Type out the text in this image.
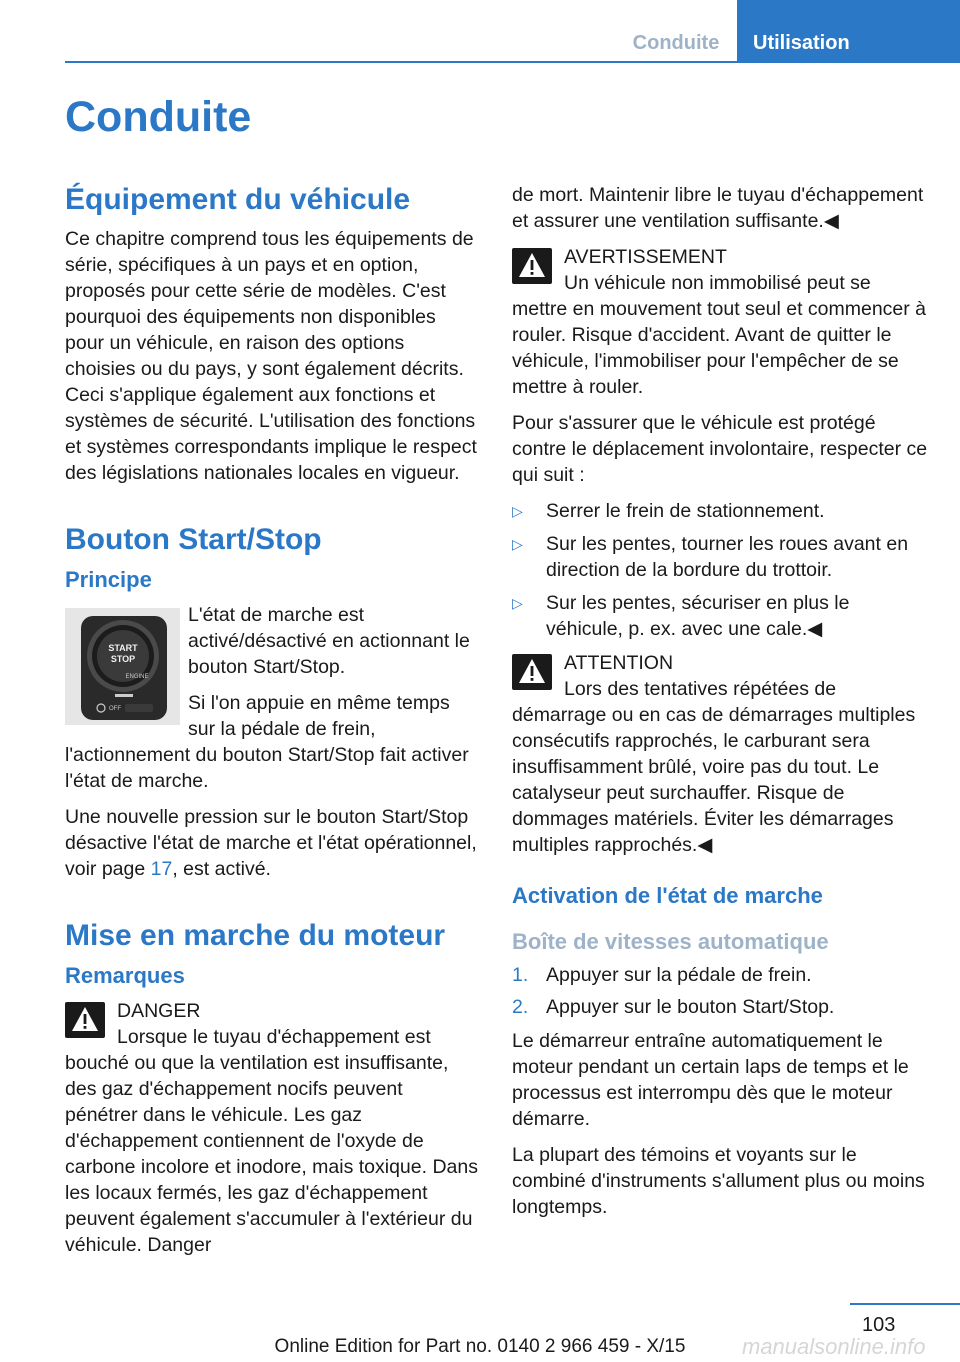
Conduite	Utilisation
Conduite
Équipement du véhicule

Ce chapitre comprend tous les équipements de série, spécifiques à un pays et en option, proposés pour cette série de modèles. C'est pourquoi des équipements non disponibles pour un véhicule, en raison des options choisies ou du pays, y sont également décrits. Ceci s'applique également aux fonctions et systèmes de sécurité. L'utilisation des fonctions et systèmes correspondants implique le respect des législations nationales locales en vigueur.

Bouton Start/Stop
Principe
START
STOP
ENGINE
OFF

L'état de marche est activé/désactivé en actionnant le bouton Start/Stop.

Si l'on appuie en même temps sur la pédale de frein, l'actionnement du bouton Start/Stop fait activer l'état de marche.

Une nouvelle pression sur le bouton Start/Stop désactive l'état de marche et l'état opérationnel, voir page 17, est activé.

Mise en marche du moteur
Remarques

DANGER

Lorsque le tuyau d'échappement est bouché ou que la ventilation est insuffisante, des gaz d'échappement nocifs peuvent pénétrer dans le véhicule. Les gaz d'échappement contiennent de l'oxyde de carbone incolore et inodore, mais toxique. Dans les locaux fermés, les gaz d'échappement peuvent également s'accumuler à l'extérieur du véhicule. Danger

de mort. Maintenir libre le tuyau d'échappement et assurer une ventilation suffisante.◀

AVERTISSEMENT

Un véhicule non immobilisé peut se mettre en mouvement tout seul et commencer à rouler. Risque d'accident. Avant de quitter le véhicule, l'immobiliser pour l'empêcher de se mettre à rouler.

Pour s'assurer que le véhicule est protégé contre le déplacement involontaire, respecter ce qui suit :

▷ Serrer le frein de stationnement.
▷ Sur les pentes, tourner les roues avant en direction de la bordure du trottoir.
▷ Sur les pentes, sécuriser en plus le véhicule, p. ex. avec une cale.◀

ATTENTION

Lors des tentatives répétées de démarrage ou en cas de démarrages multiples consécutifs rapprochés, le carburant sera insuffisamment brûlé, voire pas du tout. Le catalyseur peut surchauffer. Risque de dommages matériels. Éviter les démarrages multiples rapprochés.◀

Activation de l'état de marche
Boîte de vitesses automatique
1. Appuyer sur la pédale de frein.
2. Appuyer sur le bouton Start/Stop.

Le démarreur entraîne automatiquement le moteur pendant un certain laps de temps et le processus est interrompu dès que le moteur démarre.

La plupart des témoins et voyants sur le combiné d'instruments s'allument plus ou moins longtemps.

103
Online Edition for Part no. 0140 2 966 459 - X/15	manualsonline.info
